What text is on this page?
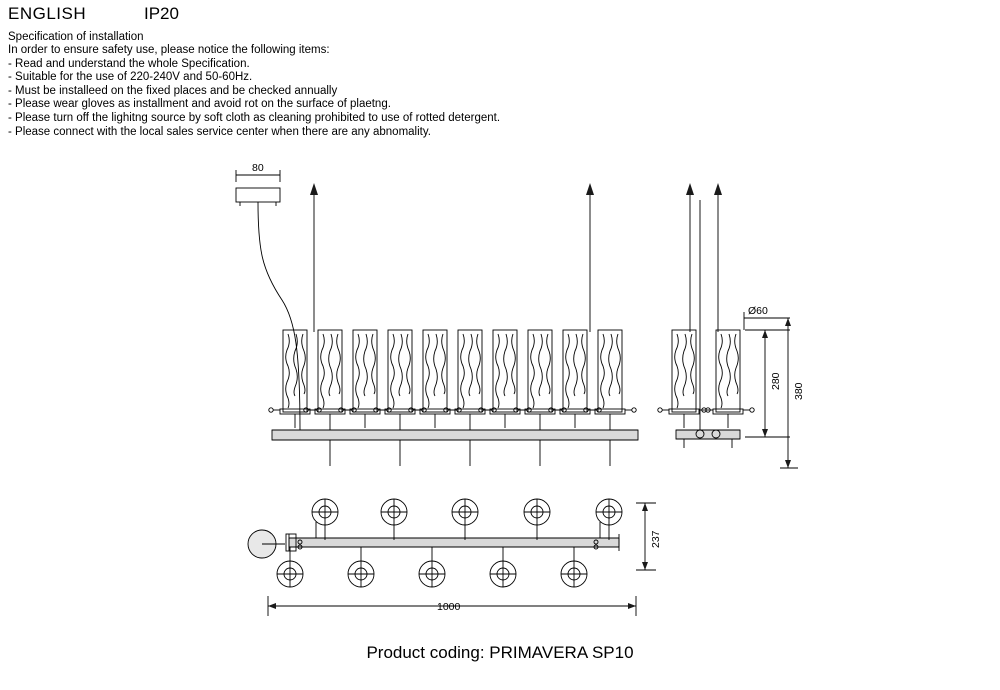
ENGLISH	IP20
Specification of installation
In order to ensure safety use, please notice the following items:
- Read and understand the whole Specification.
- Suitable for the use of 220-240V and 50-60Hz.
- Must be installeed on the fixed places and be checked annually
- Please wear gloves as installment and avoid rot on the surface of plaetng.
- Please turn off the lighitng source by soft cloth as cleaning prohibited to use of rotted detergent.
- Please connect with the local sales service center when there are any abnomality.
80
Ø60
280
380
237
1000
Product coding: PRIMAVERA SP10
